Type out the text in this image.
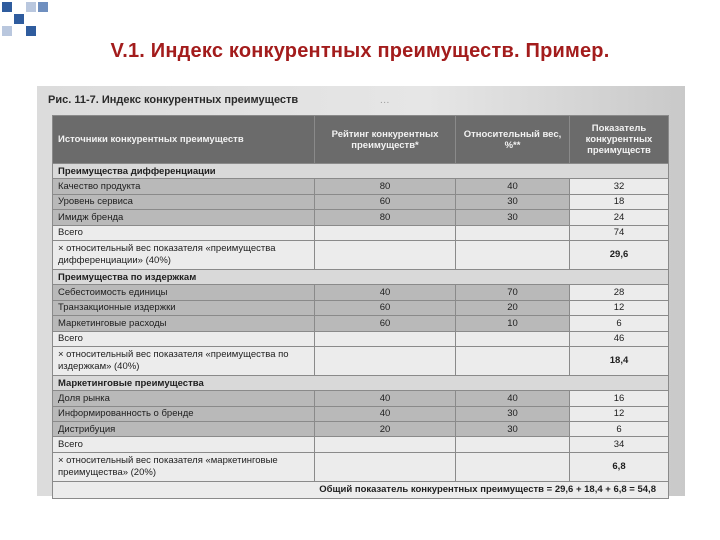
V.1. Индекс конкурентных преимуществ. Пример.
Рис. 11-7. Индекс конкурентных преимуществ	...
Источники конкурентных преимуществ	Рейтинг конкурентных преимуществ*	Относительный вес, %**	Показатель конкурентных преимуществ
Преимущества дифференциации			
Качество продукта	80	40	32
Уровень сервиса	60	30	18
Имидж бренда	80	30	24
Всего			74
× относительный вес показателя «преимущества дифференциации» (40%)			29,6
Преимущества по издержкам			
Себестоимость единицы	40	70	28
Транзакционные издержки	60	20	12
Маркетинговые расходы	60	10	6
Всего			46
× относительный вес показателя «преимущества по издержкам» (40%)			18,4
Маркетинговые преимущества			
Доля рынка	40	40	16
Информированность о бренде	40	30	12
Дистрибуция	20	30	6
Всего			34
× относительный вес показателя «маркетинговые преимущества» (20%)			6,8
Общий показатель конкурентных преимуществ = 29,6 + 18,4 + 6,8 = 54,8			
